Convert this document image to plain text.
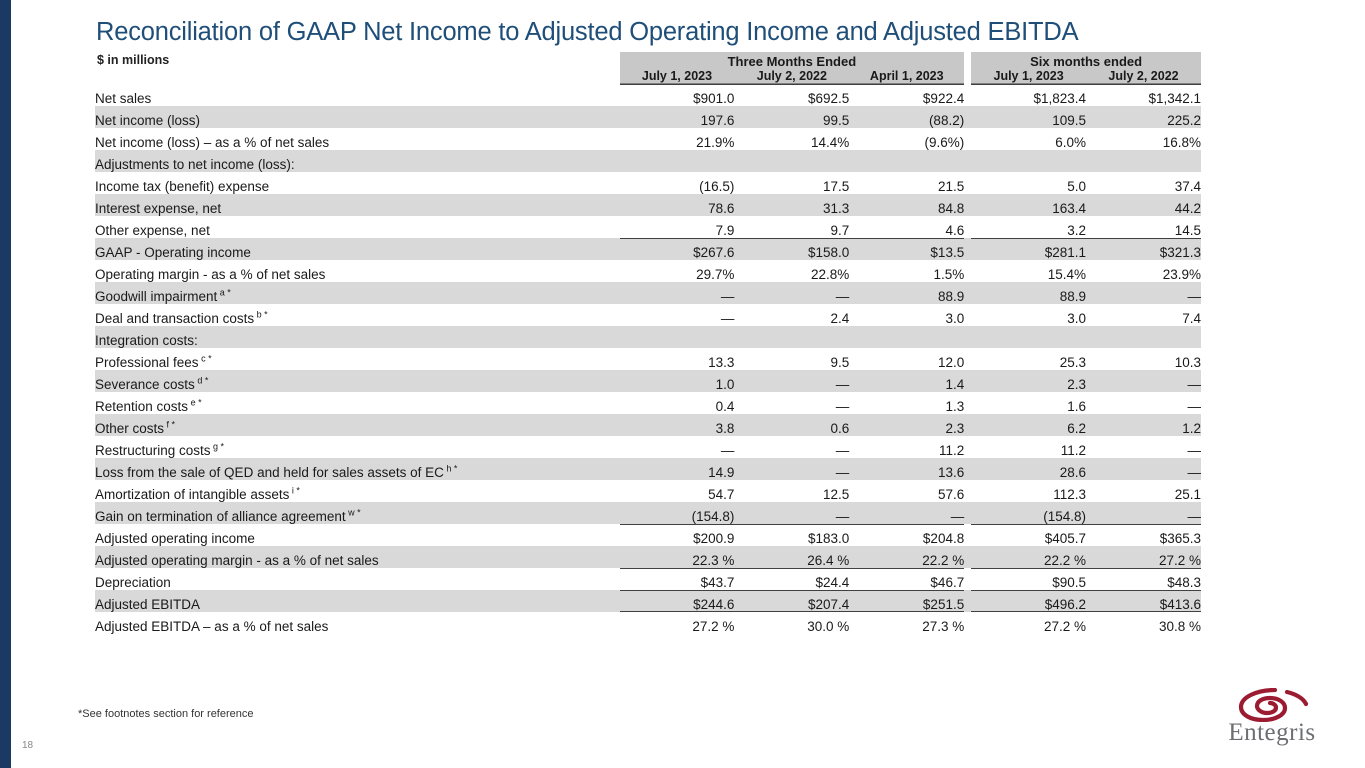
Reconciliation of GAAP Net Income to Adjusted Operating Income and Adjusted EBITDA
$ in millions	Three Months Ended				Six months ended	
	July 1, 2023	July 2, 2022	April 1, 2023		July 1, 2023	July 2, 2022
Net sales	$901.0	$692.5	$922.4		$1,823.4	$1,342.1
Net income (loss)	197.6	99.5	(88.2)		109.5	225.2
Net income (loss) – as a % of net sales	21.9%	14.4%	(9.6%)		6.0%	16.8%
Adjustments to net income (loss):						
Income tax (benefit) expense	(16.5)	17.5	21.5		5.0	37.4
Interest expense, net	78.6	31.3	84.8		163.4	44.2
Other expense, net	7.9	9.7	4.6		3.2	14.5
GAAP - Operating income	$267.6	$158.0	$13.5		$281.1	$321.3
Operating margin - as a % of net sales	29.7%	22.8%	1.5%		15.4%	23.9%
Goodwill impairment $^{a *}$	—	—	88.9		88.9	—
Deal and transaction costs $^{b *}$	—	2.4	3.0		3.0	7.4
Integration costs:						
Professional fees $^{c *}$	13.3	9.5	12.0		25.3	10.3
Severance costs $^{d *}$	1.0	—	1.4		2.3	—
Retention costs $^{e *}$	0.4	—	1.3		1.6	—
Other costs $^{f *}$	3.8	0.6	2.3		6.2	1.2
Restructuring costs $^{g *}$	—	—	11.2		11.2	—
Loss from the sale of QED and held for sales assets of EC $^{h *}$	14.9	—	13.6		28.6	—
Amortization of intangible assets $^{i *}$	54.7	12.5	57.6		112.3	25.1
Gain on termination of alliance agreement $^{w *}$	(154.8)	—	—		(154.8)	—
Adjusted operating income	$200.9	$183.0	$204.8		$405.7	$365.3
Adjusted operating margin - as a % of net sales	22.3 %	26.4 %	22.2 %		22.2 %	27.2 %
Depreciation	$43.7	$24.4	$46.7		$90.5	$48.3
Adjusted EBITDA	$244.6	$207.4	$251.5		$496.2	$413.6
Adjusted EBITDA – as a % of net sales	27.2 %	30.0 %	27.3 %		27.2 %	30.8 %
*See footnotes section for reference
18	Entegris
